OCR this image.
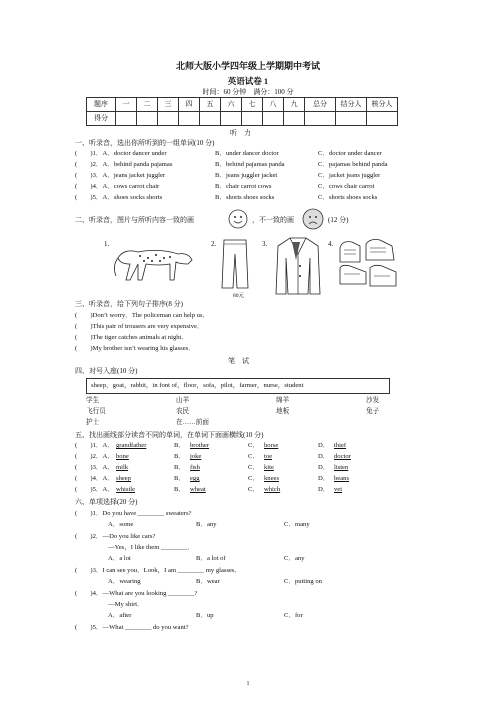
北师大版小学四年级上学期期中考试
英语试卷 1
时间：60 分钟　满分：100 分
题序	一	二	三	四	五	六	七	八	九	总分	结分人	核分人
得分												
听　力
一、听录音，选出你所听到的一组单词(10 分)
(　　)1．A．doctor dancer under	B．under dancer doctor	C．doctor under dancer
(　　)2．A．behind panda pajamas	B．behind pajamas panda	C．pajamas behind panda
(　　)3．A．jeans jacket juggler	B．jeans juggler jacket	C．jacket jeans juggler
(　　)4．A．cows carrot chair	B．chair carrot cows	C．cows chair carrot
(　　)5．A．shoes socks shorts	B．shorts shoes socks	C．shorts shoes socks
二、听录音，图片与所听内容一致的画	，不一致的画	(12 分)
1.	2.
80元
3.	4.
三、听录音，给下列句子排序(8 分)
(　　)Don’t worry．The policeman can help us．
(　　)This pair of trousers are very expensive．
(　　)The tiger catches animals at night．
(　　)My brother isn’t wearing his glasses．
笔　试
四、对号入座(10 分)
sheep，goat，rabbit，in font of，floor，sofa，pilot，farmer，nurse，student
学生	山羊	绵羊	沙发
飞行员	农民	地板	兔子
护士	在……前面
五、找出画线部分读音不同的单词，在单词下面画横线(10 分)
(　　)1．A． grandfather	B． brother	C． horse	D． thief
(　　)2．A． bone	B． joke	C． toe	D． doctor
(　　)3．A． milk	B． fish	C． kite	D． listen
(　　)4．A． sheep	B． egg	C． knees	D． beans
(　　)5．A． whistle	B． wheat	C． which	D． vet
六、单项选择(20 分)
(　　)1．Do you have ________ sweaters?
A．some	B．any	C．many
(　　)2．—Do you like cars?
—Yes，I like them ________．
A．a lot	B．a lot of	C．any
(　　)3．I can see you．Look，I am ________ my glasses．
A．wearing	B．wear	C．putting on
(　　)4．—What are you looking ________?
—My shirt．
A．after	B．up	C．for
(　　)5．—What ________ do you want?
1
